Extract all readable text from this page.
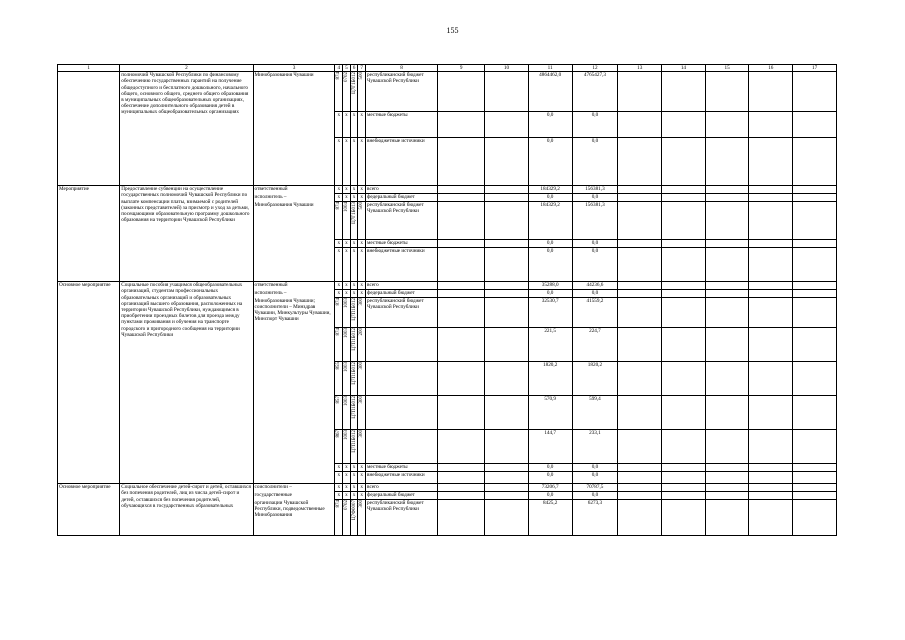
155
1	2	3	4	5	6	7	8	9	10	11	12	13	14	15	16	17
	полномочий Чувашской Республики по финансовому обеспечению государственных гарантий на получение общедоступного и бесплатного дошкольного, начального общего, основного общего, среднего общего образования в муниципальных общеобразовательных организациях, обеспечение дополнительного образования детей в муниципальных общеобразовательных организациях	Минобразования Чувашии	874	0702	Ц7Г1Б012	500	республиканский бюджет Чувашской Республики			4864462,0	4765427,3					
			x	x	x	x	местные бюджеты			0,0	0,0					
			x	x	x	x	внебюджетные источники			0,0	0,0					
Мероприятие	Предоставление субвенции на осуществление государственных полномочий Чувашской Республики по выплате компенсации платы, взимаемой с родителей (законных представителей) за присмотр и уход за детьми, посещающими образовательную программу дошкольного образования на территории Чувашской Республики	ответственный	x	x	x	x	всего			184329,2	156381,3					
		исполнитель –	x	x	x	x	федеральный бюджет			0,0	0,0					
		Минобразования Чувашии	874	1004	Ц7Г1Б013	500	республиканский бюджет Чувашской Республики			184329,2	156381,3					
			x	x	x	x	местные бюджеты			0,0	0,0					
			x	x	x	x	внебюджетные источники			0,0	0,0					
Основное мероприятие	Социальные пособия учащимся общеобразовательных организаций, студентам профессиональных образовательных организаций и образовательных организаций высшего образования, расположенных на территории Чувашской Республики, нуждающимся в приобретении проездных билетов для проезда между пунктами проживания и обучения на транспорте городского и пригородного сообщения на территории Чувашской Республики	ответственный	x	x	x	x	всего			35288,0	44236,6					
		исполнитель –	x	x	x	x	федеральный бюджет			0,0	0,0					
		Минобразования Чувашии; соисполнители – Минздрав Чувашии, Минкультуры Чувашии, Минспорт Чувашии	874	1003	Ц7П1Б012	300	республиканский бюджет Чувашской Республики			32530,7	41559,2					

			874	1003	Ц7П1Б012	200				221,5	224,7					

			855	1003	Ц7П1Б012	300				1820,2	1820,2					

			857	1003	Ц7П1Б012	300				570,9	599,4					

			867	1003	Ц7П1Б012	300				144,7	233,1					
			x	x	x	x	местные бюджеты			0,0	0,0					
			x	x	x	x	внебюджетные источники			0,0	0,0					
Основное мероприятие	Социальное обеспечение детей-сирот и детей, оставшихся без попечения родителей, лиц из числа детей-сирот и детей, оставшихся без попечения родителей, обучающихся в государственных образовательных	соисполнители –	x	x	x	x	всего			73206,7	70787,5					
		государственные	x	x	x	x	федеральный бюджет			0,0	0,0					
		организации Чувашской Республики, подведомственные Минобразования	874	0702	Ц7Ф0007	300	республиканский бюджет Чувашской Республики			8425,2	6273,3					
